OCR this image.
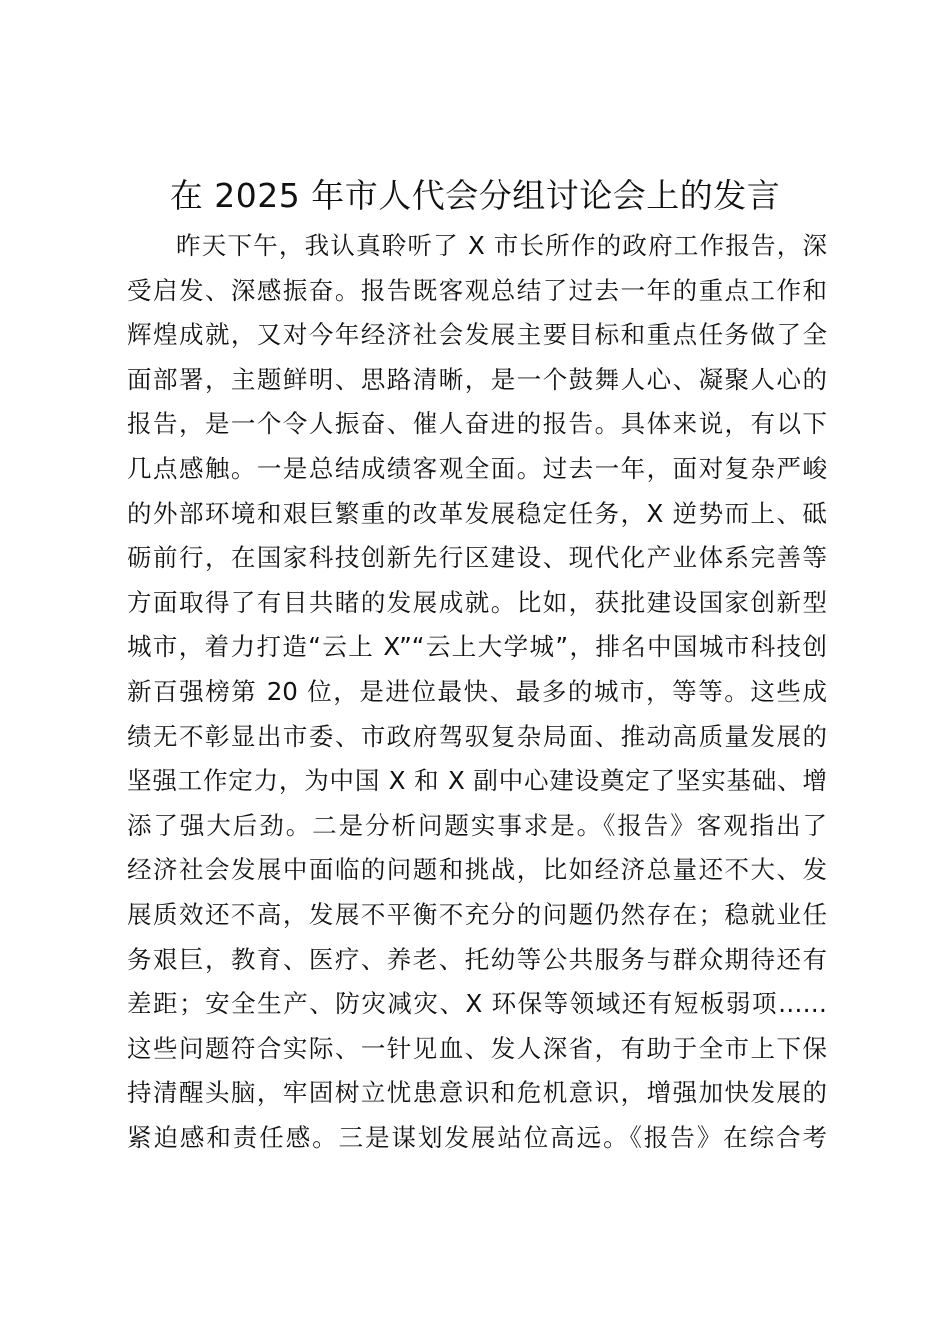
在 2025 年市人代会分组讨论会上的发言
昨天下午，我认真聆听了 X 市长所作的政府工作报告，深
受启发、深感振奋。报告既客观总结了过去一年的重点工作和
辉煌成就，又对今年经济社会发展主要目标和重点任务做了全
面部署，主题鲜明、思路清晰，是一个鼓舞人心、凝聚人心的
报告，是一个令人振奋、催人奋进的报告。具体来说，有以下
几点感触。一是总结成绩客观全面。过去一年，面对复杂严峻
的外部环境和艰巨繁重的改革发展稳定任务，X 逆势而上、砥
砺前行，在国家科技创新先行区建设、现代化产业体系完善等
方面取得了有目共睹的发展成就。比如，获批建设国家创新型
城市，着力打造“云上 X”“云上大学城”，排名中国城市科技创
新百强榜第 20 位，是进位最快、最多的城市，等等。这些成
绩无不彰显出市委、市政府驾驭复杂局面、推动高质量发展的
坚强工作定力，为中国 X 和 X 副中心建设奠定了坚实基础、增
添了强大后劲。二是分析问题实事求是。《报告》客观指出了
经济社会发展中面临的问题和挑战，比如经济总量还不大、发
展质效还不高，发展不平衡不充分的问题仍然存在；稳就业任
务艰巨，教育、医疗、养老、托幼等公共服务与群众期待还有
差距；安全生产、防灾减灾、X 环保等领域还有短板弱项……
这些问题符合实际、一针见血、发人深省，有助于全市上下保
持清醒头脑，牢固树立忧患意识和危机意识，增强加快发展的
紧迫感和责任感。三是谋划发展站位高远。《报告》在综合考
